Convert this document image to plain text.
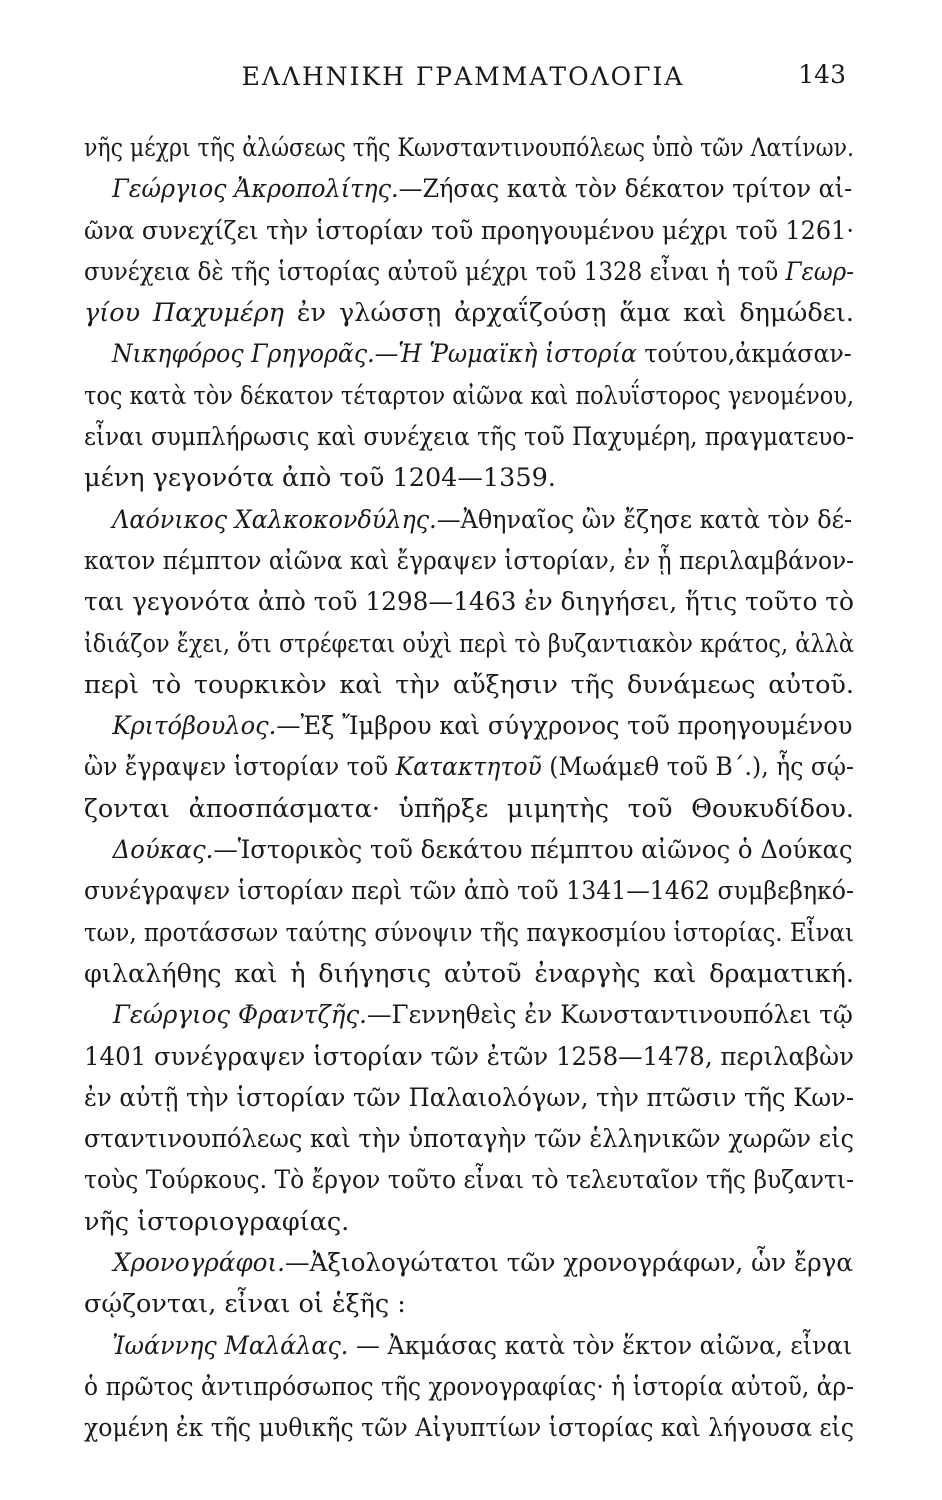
ΕΛΛΗΝΙΚΗ ΓΡΑΜΜΑΤΟΛΟΓΙΑ	143
νῆς μέχρι τῆς ἀλώσεως τῆς Κωνσταντινουπόλεως ὑπὸ τῶν Λατίνων.
Γεώργιος Ἀκροπολίτης.—Ζήσας κατὰ τὸν δέκατον τρίτον αἰ-
ῶνα συνεχίζει τὴν ἱστορίαν τοῦ προηγουμένου μέχρι τοῦ 1261·
συνέχεια δὲ τῆς ἱστορίας αὐτοῦ μέχρι τοῦ 1328 εἶναι ἡ τοῦ Γεωρ-
γίου Παχυμέρη ἐν γλώσσῃ ἀρχαΐζούσῃ ἅμα καὶ δημώδει.
Νικηφόρος Γρηγορᾶς.—Ἡ Ῥωμαϊκὴ ἱστορία τούτου,ἀκμάσαν-
τος κατὰ τὸν δέκατον τέταρτον αἰῶνα καὶ πολυΐστορος γενομένου,
εἶναι συμπλήρωσις καὶ συνέχεια τῆς τοῦ Παχυμέρη, πραγματευο-
μένη γεγονότα ἀπὸ τοῦ 1204—1359.
Λαόνικος Χαλκοκονδύλης.—Ἀθηναῖος ὢν ἔζησε κατὰ τὸν δέ-
κατον πέμπτον αἰῶνα καὶ ἔγραψεν ἱστορίαν, ἐν ᾗ περιλαμβάνον-
ται γεγονότα ἀπὸ τοῦ 1298—1463 ἐν διηγήσει, ἥτις τοῦτο τὸ
ἰδιάζον ἔχει, ὅτι στρέφεται οὐχὶ περὶ τὸ βυζαντιακὸν κράτος, ἀλλὰ
περὶ τὸ τουρκικὸν καὶ τὴν αὔξησιν τῆς δυνάμεως αὐτοῦ.
Κριτόβουλος.—Ἐξ Ἴμβρου καὶ σύγχρονος τοῦ προηγουμένου
ὢν ἔγραψεν ἱστορίαν τοῦ Κατακτητοῦ (Μωάμεθ τοῦ Β΄.), ἧς σῴ-
ζονται ἀποσπάσματα· ὑπῆρξε μιμητὴς τοῦ Θουκυδίδου.
Δούκας.—Ἱστορικὸς τοῦ δεκάτου πέμπτου αἰῶνος ὁ Δούκας
συνέγραψεν ἱστορίαν περὶ τῶν ἀπὸ τοῦ 1341—1462 συμβεβηκό-
των, προτάσσων ταύτης σύνοψιν τῆς παγκοσμίου ἱστορίας. Εἶναι
φιλαλήθης καὶ ἡ διήγησις αὐτοῦ ἐναργὴς καὶ δραματική.
Γεώργιος Φραντζῆς.—Γεννηθεὶς ἐν Κωνσταντινουπόλει τῷ
1401 συνέγραψεν ἱστορίαν τῶν ἐτῶν 1258—1478, περιλαβὼν
ἐν αὐτῇ τὴν ἱστορίαν τῶν Παλαιολόγων, τὴν πτῶσιν τῆς Κων-
σταντινουπόλεως καὶ τὴν ὑποταγὴν τῶν ἑλληνικῶν χωρῶν εἰς
τοὺς Τούρκους. Τὸ ἔργον τοῦτο εἶναι τὸ τελευταῖον τῆς βυζαντι-
νῆς ἱστοριογραφίας.
Χρονογράφοι.—Ἀξιολογώτατοι τῶν χρονογράφων, ὧν ἔργα
σῴζονται, εἶναι οἱ ἑξῆς :
Ἰωάννης Μαλάλας. — Ἀκμάσας κατὰ τὸν ἕκτον αἰῶνα, εἶναι
ὁ πρῶτος ἀντιπρόσωπος τῆς χρονογραφίας· ἡ ἱστορία αὐτοῦ, ἀρ-
χομένη ἐκ τῆς μυθικῆς τῶν Αἰγυπτίων ἱστορίας καὶ λήγουσα εἰς
